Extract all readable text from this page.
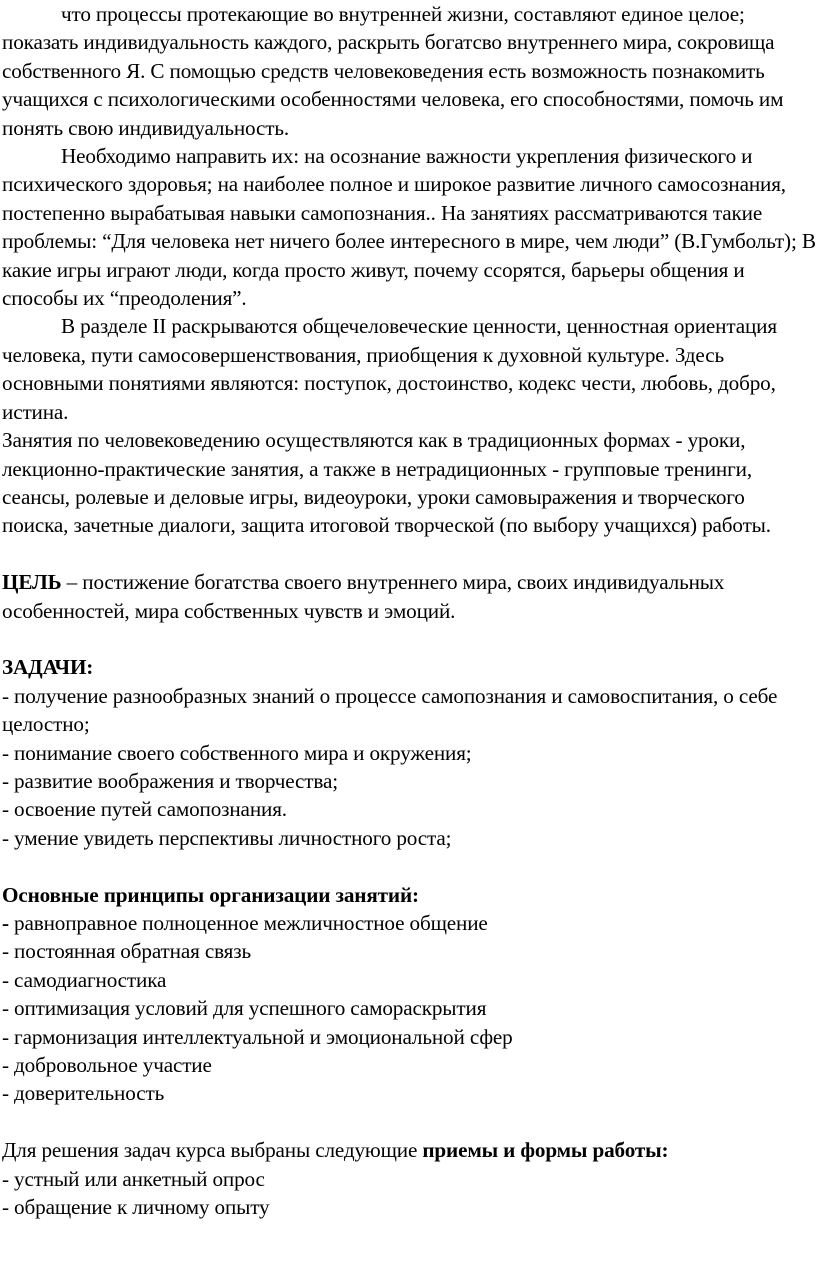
что процессы протекающие во внутренней жизни, составляют единое целое; показать индивидуальность каждого, раскрыть богатсво внутреннего мира, сокровища собственного Я. С помощью средств человековедения есть возможность познакомить учащихся с психологическими особенностями человека, его способностями, помочь им понять свою индивидуальность.

Необходимо направить их: на осознание важности укрепления физического и психического здоровья; на наиболее полное и широкое развитие личного самосознания, постепенно вырабатывая навыки самопознания.. На занятиях рассматриваются такие проблемы: “Для человека нет ничего более интересного в мире, чем люди” (В.Гумбольт); В какие игры играют люди, когда просто живут, почему ссорятся, барьеры общения и способы их “преодоления”.

В разделе II раскрываются общечеловеческие ценности, ценностная ориентация человека, пути самосовершенствования, приобщения к духовной культуре. Здесь основными понятиями являются: поступок, достоинство, кодекс чести, любовь, добро, истина.

Занятия по человековедению осуществляются как в традиционных формах - уроки, лекционно-практические занятия, а также в нетрадиционных - групповые тренинги, сеансы, ролевые и деловые игры, видеоуроки, уроки самовыражения и творческого поиска, зачетные диалоги, защита итоговой творческой (по выбору учащихся) работы.

ЦЕЛЬ – постижение богатства своего внутреннего мира, своих индивидуальных особенностей, мира собственных чувств и эмоций.

ЗАДАЧИ:

- получение разнообразных знаний о процессе самопознания и самовоспитания, о себе целостно;

- понимание своего собственного мира и окружения;

- развитие воображения и творчества;

- освоение путей самопознания.

- умение увидеть перспективы личностного роста;

Основные принципы организации занятий:

- равноправное полноценное межличностное общение

- постоянная обратная связь

- самодиагностика

- оптимизация условий для успешного самораскрытия

- гармонизация интеллектуальной и эмоциональной сфер

- добровольное участие

- доверительность

Для решения задач курса выбраны следующие приемы и формы работы:

- устный или анкетный опрос

- обращение к личному опыту
